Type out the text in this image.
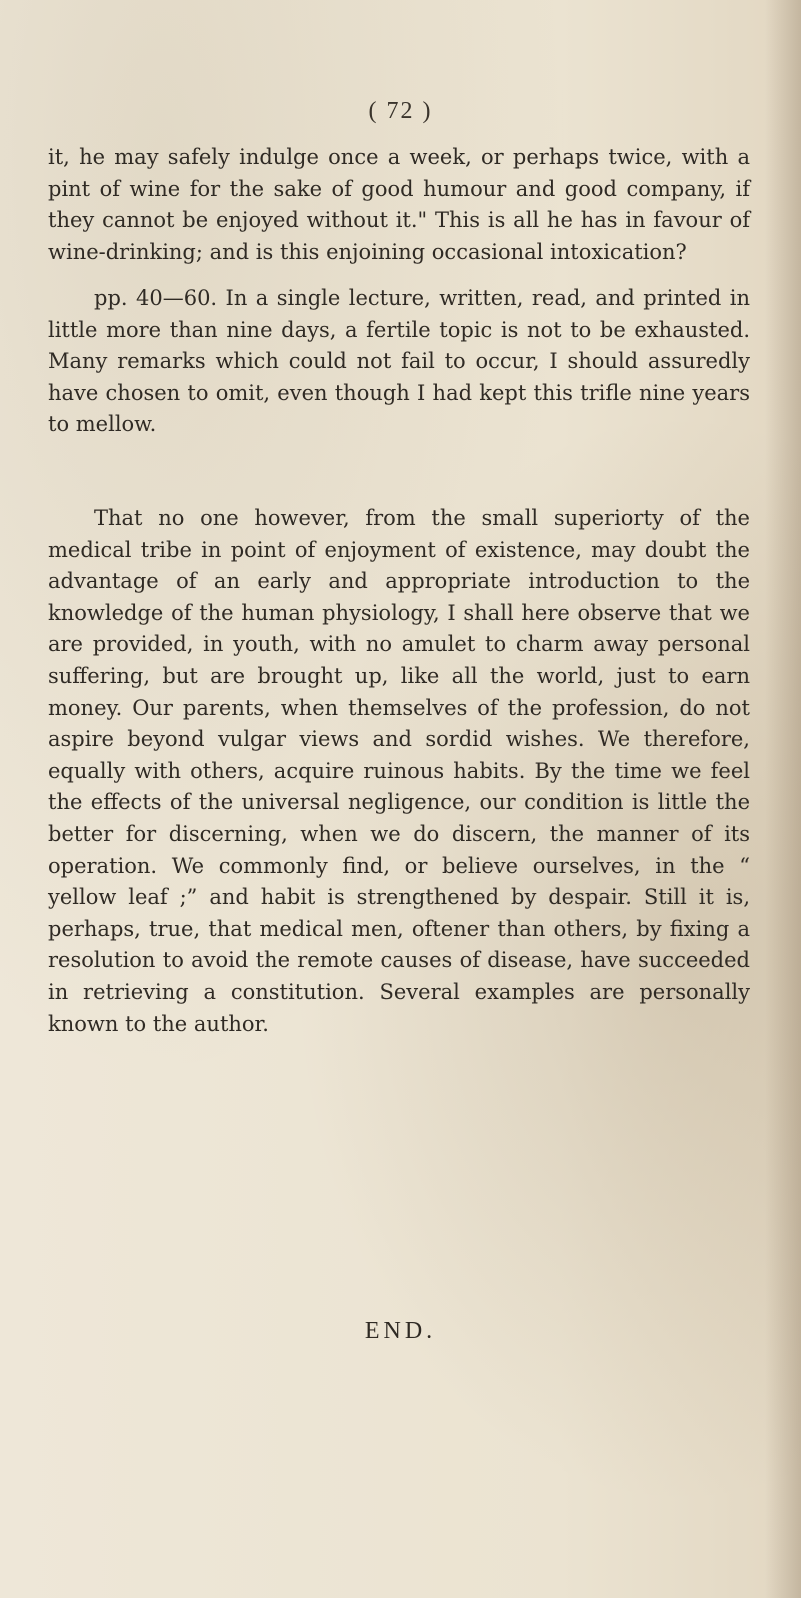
( 72 )

it, he may safely indulge once a week, or perhaps twice, with a pint of wine for the sake of good humour and good company, if they cannot be enjoyed without it." This is all he has in favour of wine-drinking; and is this enjoining occasional intoxication?

pp. 40—60. In a single lecture, written, read, and printed in little more than nine days, a fertile topic is not to be exhausted. Many remarks which could not fail to occur, I should assuredly have chosen to omit, even though I had kept this trifle nine years to mellow.

That no one however, from the small superiorty of the medical tribe in point of enjoyment of existence, may doubt the advantage of an early and appropriate introduction to the knowledge of the human physiology, I shall here observe that we are provided, in youth, with no amulet to charm away personal suffering, but are brought up, like all the world, just to earn money. Our parents, when themselves of the profession, do not aspire beyond vulgar views and sordid wishes. We therefore, equally with others, acquire ruinous habits. By the time we feel the effects of the universal negligence, our condition is little the better for discerning, when we do discern, the manner of its operation. We commonly find, or believe ourselves, in the “ yellow leaf ;” and habit is strengthened by despair. Still it is, perhaps, true, that medical men, oftener than others, by fixing a resolution to avoid the remote causes of disease, have succeeded in retrieving a constitution. Several examples are personally known to the author.

END.
